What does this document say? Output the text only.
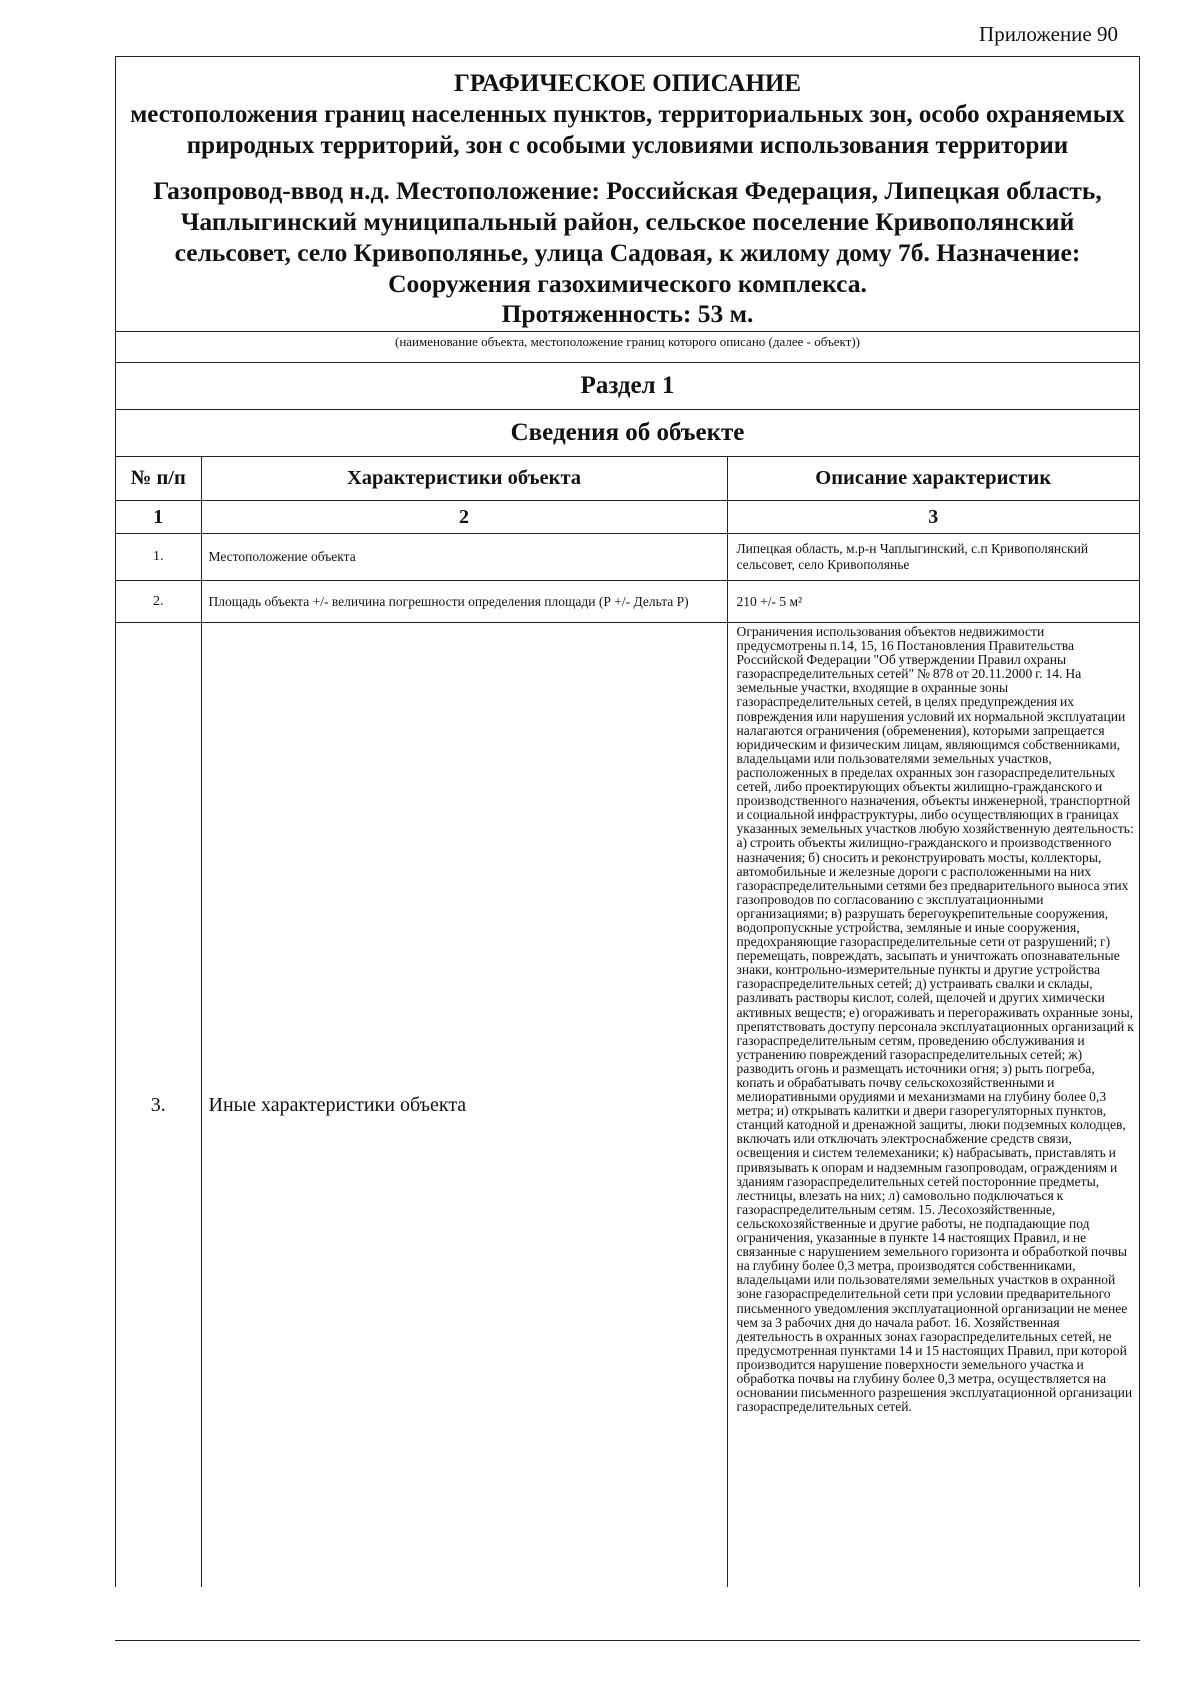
Приложение 90
ГРАФИЧЕСКОЕ ОПИСАНИЕ
местоположения границ населенных пунктов, территориальных зон, особо охраняемых природных территорий, зон с особыми условиями использования территории
Газопровод-ввод н.д. Местоположение: Российская Федерация, Липецкая область, Чаплыгинский муниципальный район, сельское поселение Кривополянский сельсовет, село Кривополянье, улица Садовая, к жилому дому 7б. Назначение: Сооружения газохимического комплекса.
Протяженность: 53 м.
(наименование объекта, местоположение границ которого описано (далее - объект))
Раздел 1
Сведения об объекте
№ п/п	Характеристики объекта	Описание характеристик
1	2	3
1.	Местоположение объекта	Липецкая область, м.р-н Чаплыгинский, с.п Кривополянский сельсовет, село Кривополянье
2.	Площадь объекта +/- величина погрешности определения площади (Р +/- Дельта Р)	210 +/- 5 м²
3.	Иные характеристики объекта	Ограничения использования объектов недвижимости предусмотрены п.14, 15, 16 Постановления Правительства Российской Федерации "Об утверждении Правил охраны газораспределительных сетей" № 878 от 20.11.2000 г. 14. На земельные участки, входящие в охранные зоны газораспределительных сетей, в целях предупреждения их повреждения или нарушения условий их нормальной эксплуатации налагаются ограничения (обременения), которыми запрещается юридическим и физическим лицам, являющимся собственниками, владельцами или пользователями земельных участков, расположенных в пределах охранных зон газораспределительных сетей, либо проектирующих объекты жилищно-гражданского и производственного назначения, объекты инженерной, транспортной и социальной инфраструктуры, либо осуществляющих в границах указанных земельных участков любую хозяйственную деятельность: а) строить объекты жилищно-гражданского и производственного назначения; б) сносить и реконструировать мосты, коллекторы, автомобильные и железные дороги с расположенными на них газораспределительными сетями без предварительного выноса этих газопроводов по согласованию с эксплуатационными организациями; в) разрушать берегоукрепительные сооружения, водопропускные устройства, земляные и иные сооружения, предохраняющие газораспределительные сети от разрушений; г) перемещать, повреждать, засыпать и уничтожать опознавательные знаки, контрольно-измерительные пункты и другие устройства газораспределительных сетей; д) устраивать свалки и склады, разливать растворы кислот, солей, щелочей и других химически активных веществ; е) огораживать и перегораживать охранные зоны, препятствовать доступу персонала эксплуатационных организаций к газораспределительным сетям, проведению обслуживания и устранению повреждений газораспределительных сетей; ж) разводить огонь и размещать источники огня; з) рыть погреба, копать и обрабатывать почву сельскохозяйственными и мелиоративными орудиями и механизмами на глубину более 0,3 метра; и) открывать калитки и двери газорегуляторных пунктов, станций катодной и дренажной защиты, люки подземных колодцев, включать или отключать электроснабжение средств связи, освещения и систем телемеханики; к) набрасывать, приставлять и привязывать к опорам и надземным газопроводам, ограждениям и зданиям газораспределительных сетей посторонние предметы, лестницы, влезать на них; л) самовольно подключаться к газораспределительным сетям. 15. Лесохозяйственные, сельскохозяйственные и другие работы, не подпадающие под ограничения, указанные в пункте 14 настоящих Правил, и не связанные с нарушением земельного горизонта и обработкой почвы на глубину более 0,3 метра, производятся собственниками, владельцами или пользователями земельных участков в охранной зоне газораспределительной сети при условии предварительного письменного уведомления эксплуатационной организации не менее чем за 3 рабочих дня до начала работ. 16. Хозяйственная деятельность в охранных зонах газораспределительных сетей, не предусмотренная пунктами 14 и 15 настоящих Правил, при которой производится нарушение поверхности земельного участка и обработка почвы на глубину более 0,3 метра, осуществляется на основании письменного разрешения эксплуатационной организации газораспределительных сетей.
